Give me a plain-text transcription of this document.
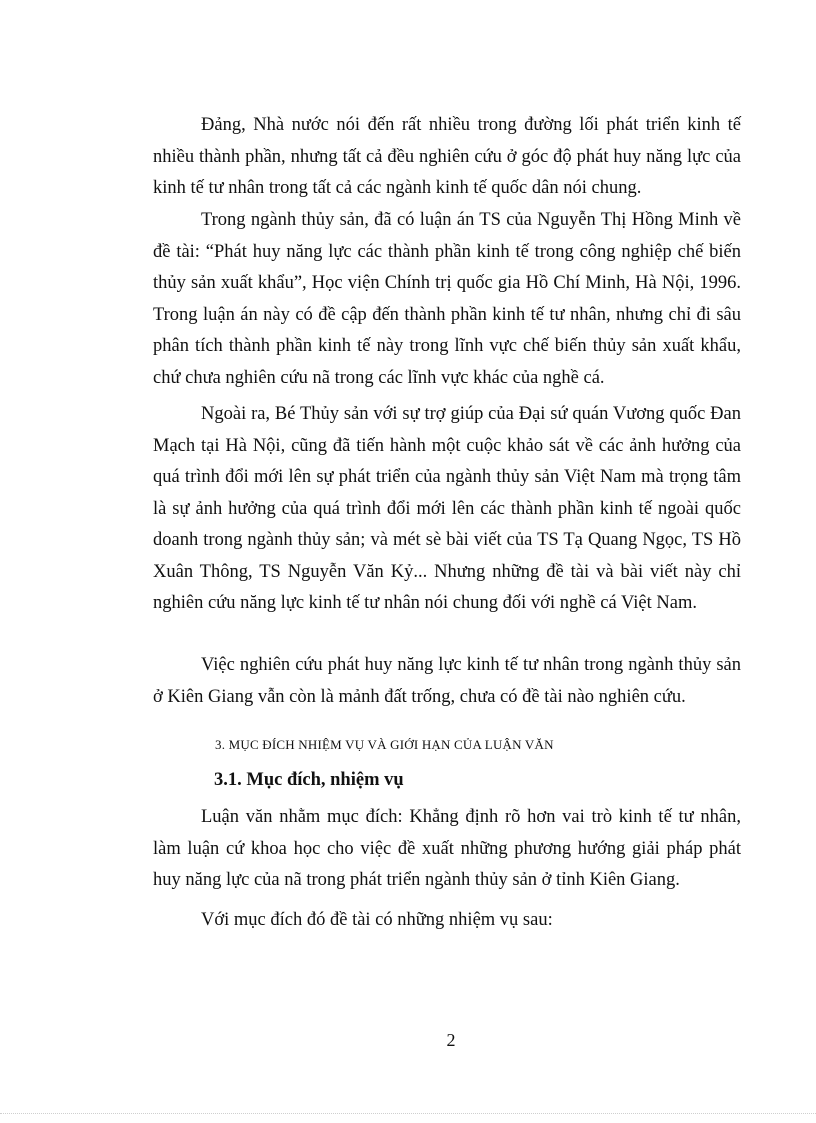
Đảng, Nhà nước nói đến rất nhiều trong đường lối phát triển kinh tế nhiều thành phần, nhưng tất cả đều nghiên cứu ở góc độ phát huy năng lực của kinh tế tư nhân trong tất cả các ngành kinh tế quốc dân nói chung.

Trong ngành thủy sản, đã có luận án TS của Nguyễn Thị Hồng Minh về đề tài: “Phát huy năng lực các thành phần kinh tế trong công nghiệp chế biến thủy sản xuất khẩu”, Học viện Chính trị quốc gia Hồ Chí Minh, Hà Nội, 1996. Trong luận án này có đề cập đến thành phần kinh tế tư nhân, nhưng chỉ đi sâu phân tích thành phần kinh tế này trong lĩnh vực chế biến thủy sản xuất khẩu, chứ chưa nghiên cứu nã trong các lĩnh vực khác của nghề cá.

Ngoài ra, Bé Thủy sản với sự trợ giúp của Đại sứ quán Vương quốc Đan Mạch tại Hà Nội, cũng đã tiến hành một cuộc khảo sát về các ảnh hưởng của quá trình đổi mới lên sự phát triển của ngành thủy sản Việt Nam mà trọng tâm là sự ảnh hưởng của quá trình đổi mới lên các thành phần kinh tế ngoài quốc doanh trong ngành thủy sản; và mét sè bài viết của TS Tạ Quang Ngọc, TS Hồ Xuân Thông, TS Nguyễn Văn Kỷ... Nhưng những đề tài và bài viết này chỉ nghiên cứu năng lực kinh tế tư nhân nói chung đối với nghề cá Việt Nam.

Việc nghiên cứu phát huy năng lực kinh tế tư nhân trong ngành thủy sản ở Kiên Giang vẫn còn là mảnh đất trống, chưa có đề tài nào nghiên cứu.

3. MỤC ĐÍCH NHIỆM VỤ VÀ GIỚI HẠN CỦA LUẬN VĂN
3.1. Mục đích, nhiệm vụ

Luận văn nhằm mục đích: Khẳng định rõ hơn vai trò kinh tế tư nhân, làm luận cứ khoa học cho việc đề xuất những phương hướng giải pháp phát huy năng lực của nã trong phát triển ngành thủy sản ở tỉnh Kiên Giang.

Với mục đích đó đề tài có những nhiệm vụ sau:

2
